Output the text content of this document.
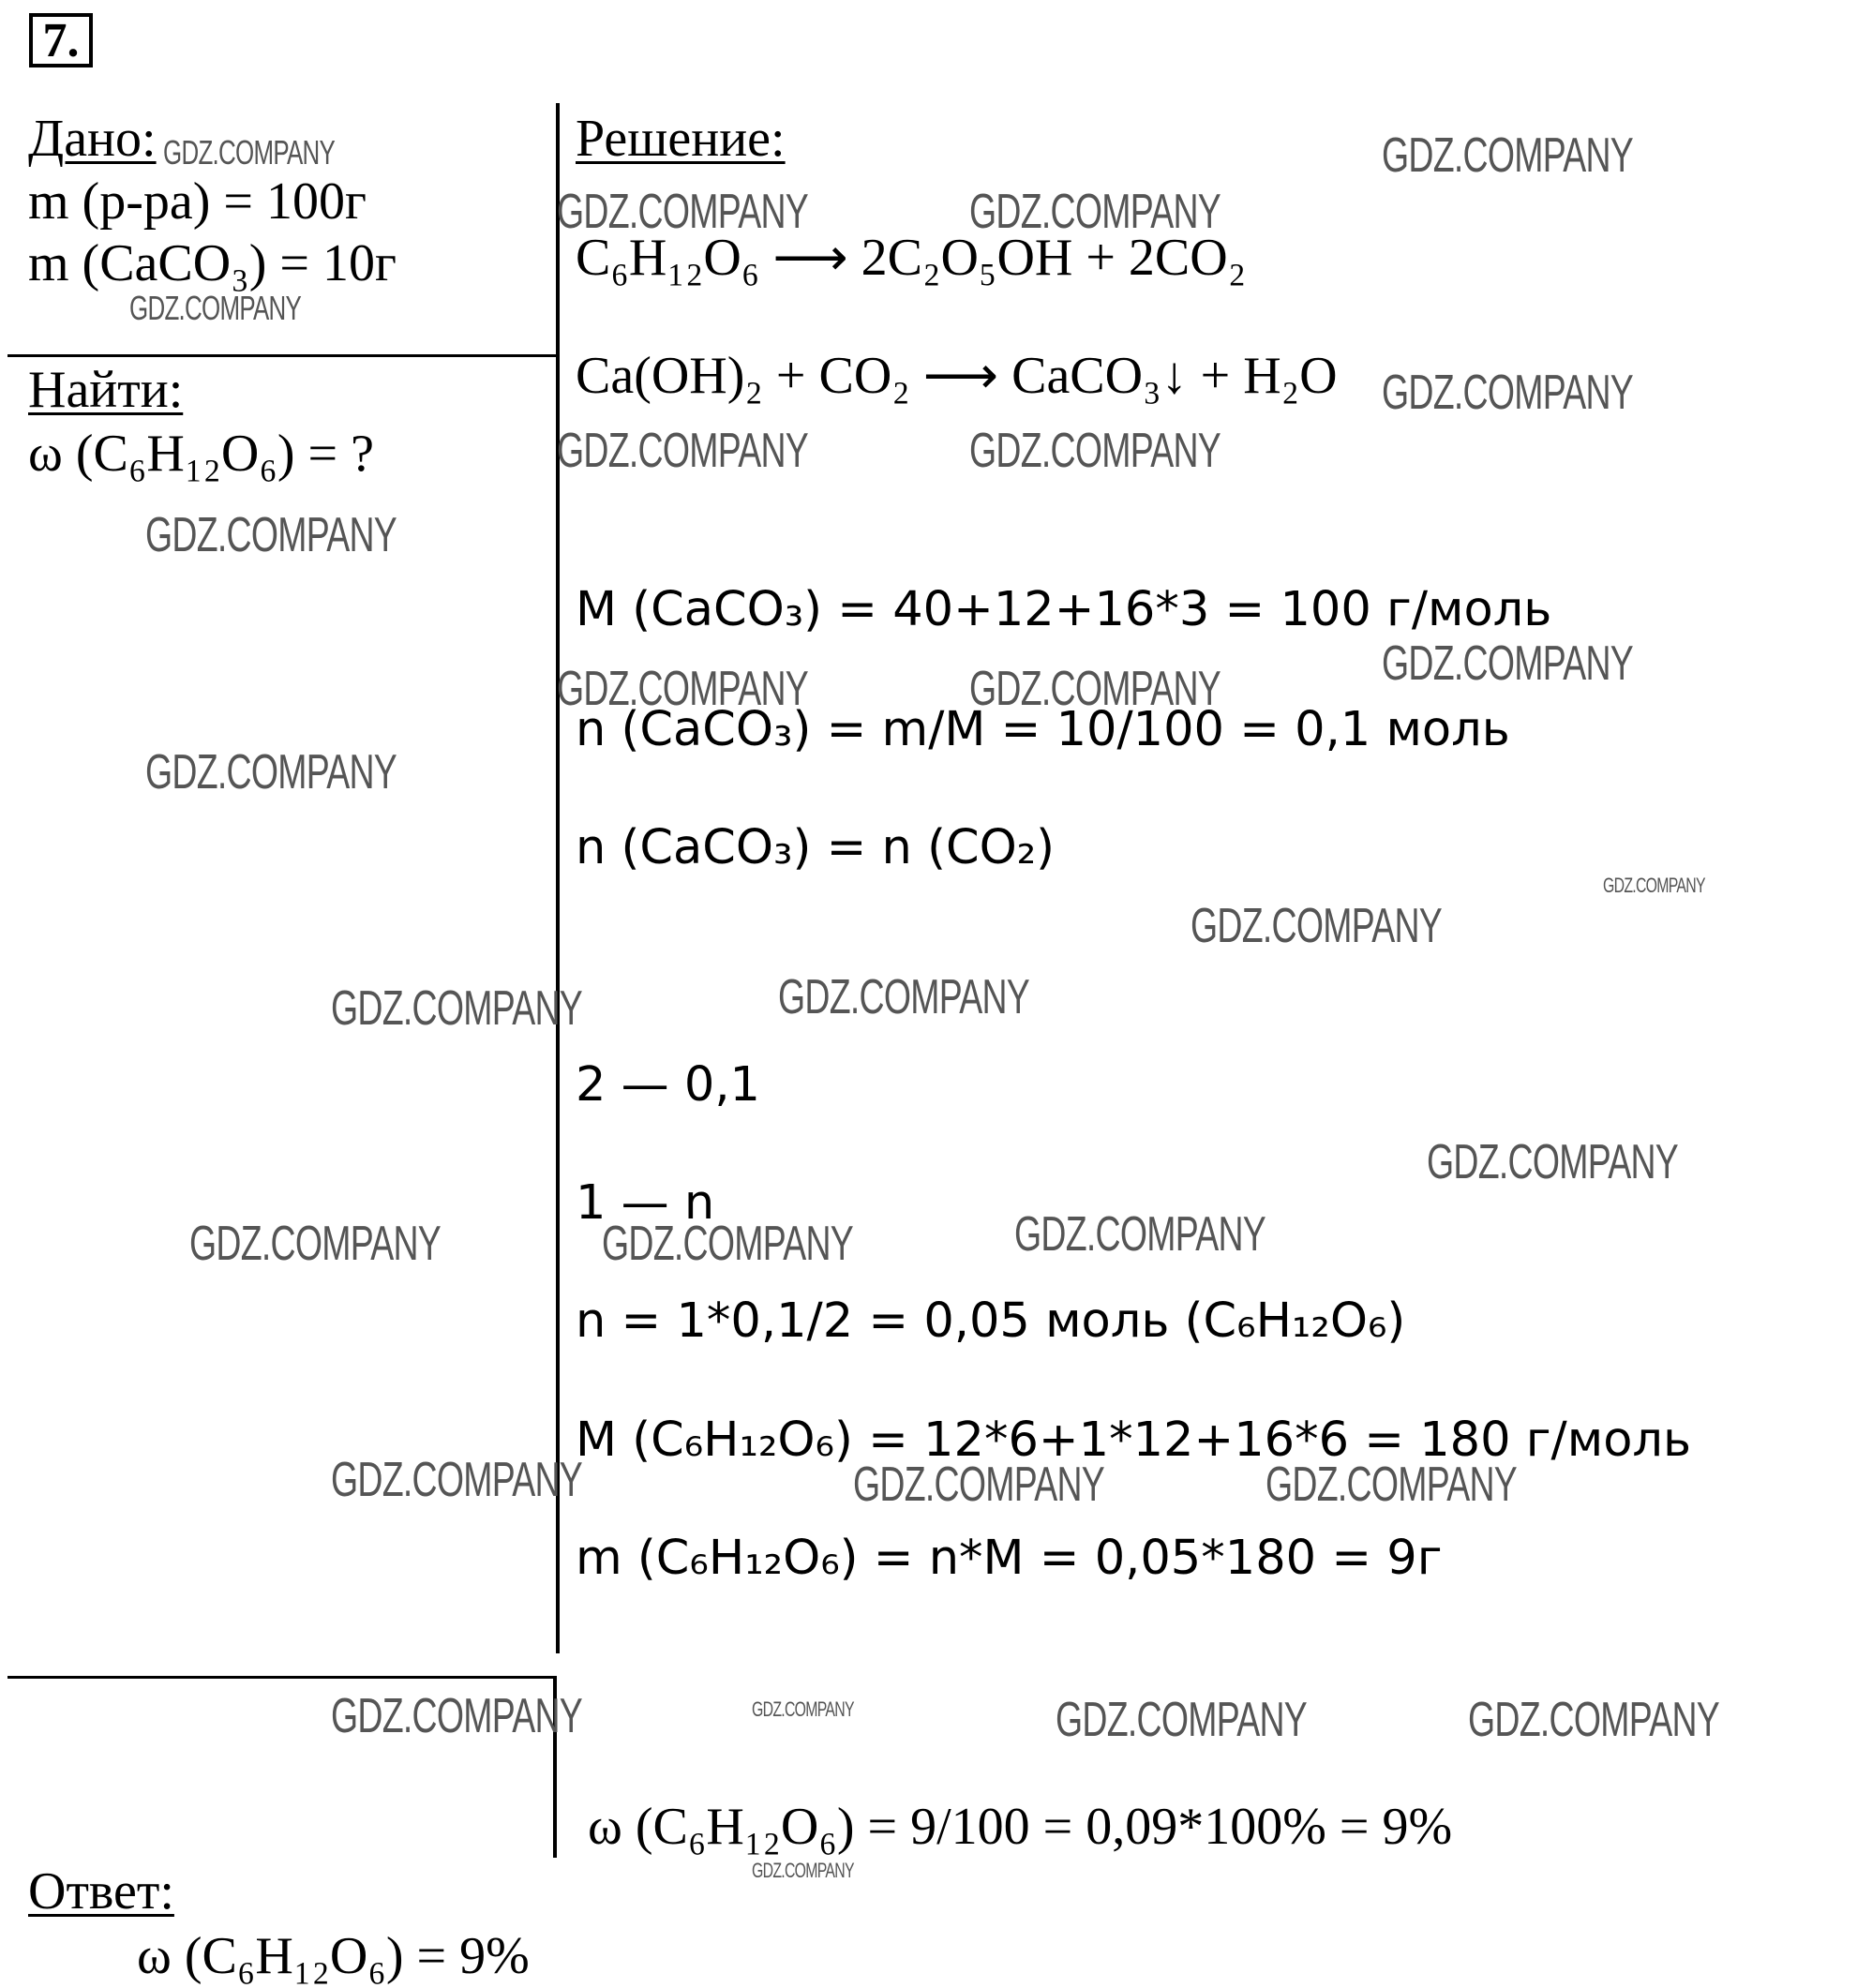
7.
Дано:
m (р-ра) = 100г
m (CaCO₃) = 10г
Найти:
ω (C₆H₁₂O₆) = ?
Решение:
C₆H₁₂O₆ ⟶ 2C₂O₅OH + 2CO₂
Ca(OH)₂ + CO₂ ⟶ CaCO₃↓ + H₂O
M (CaCO₃) = 40+12+16*3 = 100 г/моль
n (CaCO₃) = m/M = 10/100 = 0,1 моль
n (CaCO₃) = n (CO₂)
2 — 0,1
1 — n
n = 1*0,1/2 = 0,05 моль (C₆H₁₂O₆)
M (C₆H₁₂O₆) = 12*6+1*12+16*6 = 180 г/моль
m (C₆H₁₂O₆) = n*M = 0,05*180 = 9г
ω (C₆H₁₂O₆) = 9/100 = 0,09*100% = 9%
Ответ:
ω (C₆H₁₂O₆) = 9%
GDZ.COMPANY
GDZ.COMPANY
GDZ.COMPANY
GDZ.COMPANY
GDZ.COMPANY
GDZ.COMPANY
GDZ.COMPANY
GDZ.COMPANY
GDZ.COMPANY	GDZ.COMPANY
GDZ.COMPANY
GDZ.COMPANY
GDZ.COMPANY	GDZ.COMPANY
GDZ.COMPANY
GDZ.COMPANY	GDZ.COMPANY
GDZ.COMPANY
GDZ.COMPANY
GDZ.COMPANY
GDZ.COMPANY
GDZ.COMPANY
GDZ.COMPANY
GDZ.COMPANY	GDZ.COMPANY
GDZ.COMPANY	GDZ.COMPANY	GDZ.COMPANY
GDZ.COMPANY
